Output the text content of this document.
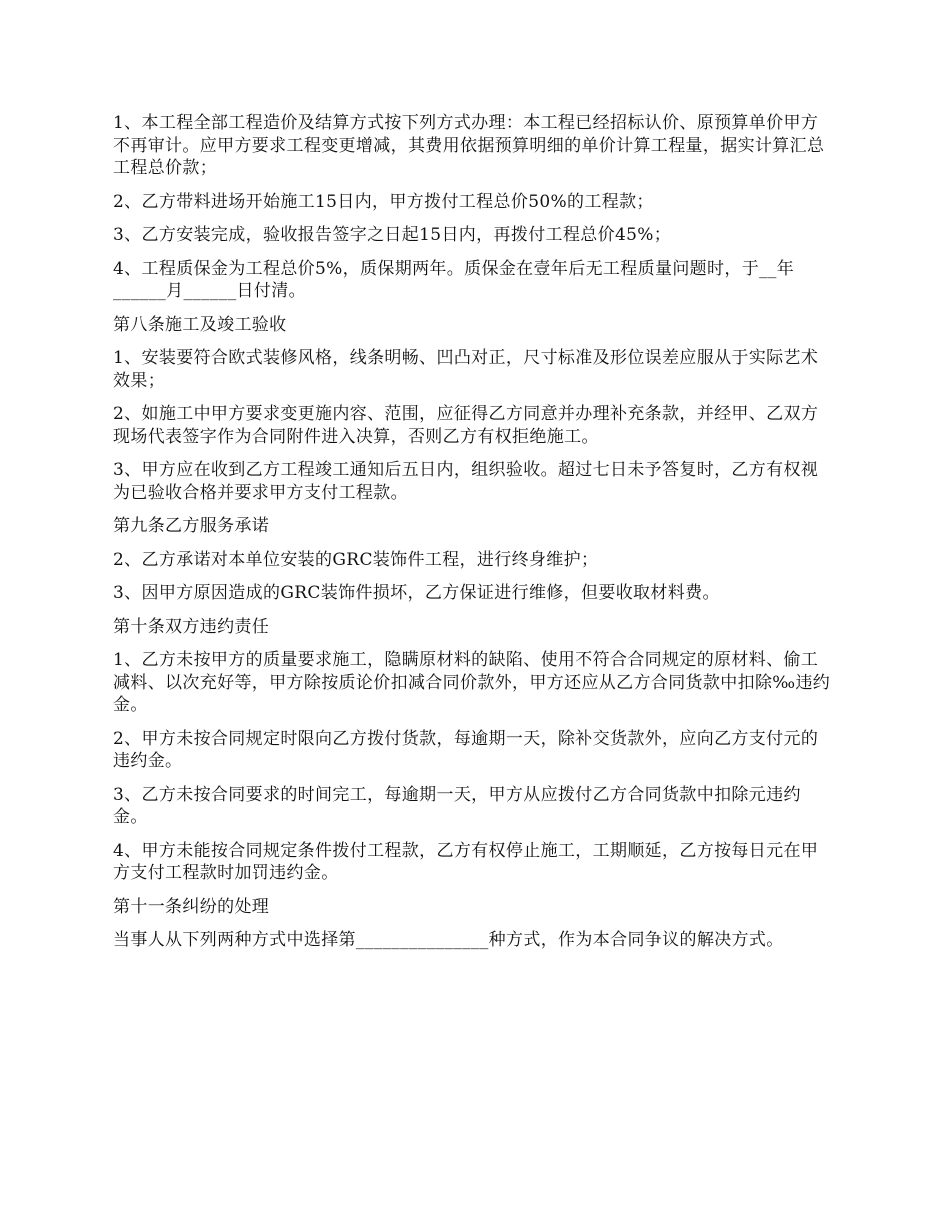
1、本工程全部工程造价及结算方式按下列方式办理：本工程已经招标认价、原预算单价甲方不再审计。应甲方要求工程变更增减，其费用依据预算明细的单价计算工程量，据实计算汇总工程总价款；

2、乙方带料进场开始施工15日内，甲方拨付工程总价50%的工程款；

3、乙方安装完成，验收报告签字之日起15日内，再拨付工程总价45%；

4、工程质保金为工程总价5%，质保期两年。质保金在壹年后无工程质量问题时，于__年______月______日付清。

第八条施工及竣工验收

1、安装要符合欧式装修风格，线条明畅、凹凸对正，尺寸标准及形位误差应服从于实际艺术效果；

2、如施工中甲方要求变更施内容、范围，应征得乙方同意并办理补充条款，并经甲、乙双方现场代表签字作为合同附件进入决算，否则乙方有权拒绝施工。

3、甲方应在收到乙方工程竣工通知后五日内，组织验收。超过七日未予答复时，乙方有权视为已验收合格并要求甲方支付工程款。

第九条乙方服务承诺

2、乙方承诺对本单位安装的GRC装饰件工程，进行终身维护；

3、因甲方原因造成的GRC装饰件损坏，乙方保证进行维修，但要收取材料费。

第十条双方违约责任

1、乙方未按甲方的质量要求施工，隐瞒原材料的缺陷、使用不符合合同规定的原材料、偷工减料、以次充好等，甲方除按质论价扣减合同价款外，甲方还应从乙方合同货款中扣除‰违约金。

2、甲方未按合同规定时限向乙方拨付货款，每逾期一天，除补交货款外，应向乙方支付元的违约金。

3、乙方未按合同要求的时间完工，每逾期一天，甲方从应拨付乙方合同货款中扣除元违约金。

4、甲方未能按合同规定条件拨付工程款，乙方有权停止施工，工期顺延，乙方按每日元在甲方支付工程款时加罚违约金。

第十一条纠纷的处理

当事人从下列两种方式中选择第_______________种方式，作为本合同争议的解决方式。
